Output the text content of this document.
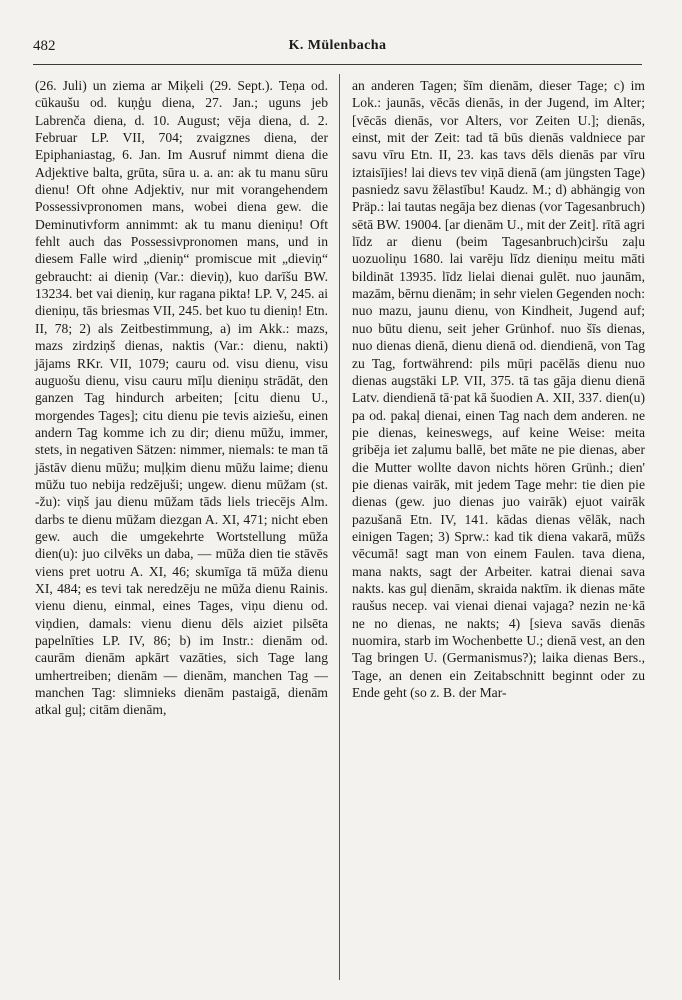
482	K. Mülenbacha

(26. Juli) un ziema ar Miķeli (29. Sept.). Teņa od. cūkaušu od. kuņģu diena, 27. Jan.; uguns jeb Labrenča diena, d. 10. August; vēja diena, d. 2. Februar LP. VII, 704; zvaigznes diena, der Epiphaniastag, 6. Jan. Im Ausruf nimmt diena die Adjektive balta, grūta, sūra u. a. an: ak tu manu sūru dienu! Oft ohne Adjektiv, nur mit vorangehendem Possessivpronomen mans, wobei diena gew. die Deminutivform annimmt: ak tu manu dieniņu! Oft fehlt auch das Possessivpronomen mans, und in diesem Falle wird „dieniņ“ promiscue mit „dieviņ“ gebraucht: ai dieniņ (Var.: dieviņ), kuo darīšu BW. 13234. bet vai dieniņ, kur ragana pikta! LP. V, 245. ai dieniņu, tās briesmas VII, 245. bet kuo tu dieniņ! Etn. II, 78; 2) als Zeitbestimmung, a) im Akk.: mazs, mazs zirdziņš dienas, naktis (Var.: dienu, nakti) jājams RKr. VII, 1079; cauru od. visu dienu, visu auguošu dienu, visu cauru mīļu dieniņu strādāt, den ganzen Tag hindurch arbeiten; [citu dienu U., morgendes Tages]; citu dienu pie tevis aiziešu, einen andern Tag komme ich zu dir; dienu mūžu, immer, stets, in negativen Sätzen: nimmer, niemals: te man tā jāstāv dienu mūžu; muļķim dienu mūžu laime; dienu mūžu tuo nebija redzējuši; ungew. dienu mūžam (st. -žu): viņš jau dienu mūžam tāds liels triecējs Alm. darbs te dienu mūžam diezgan A. XI, 471; nicht eben gew. auch die umgekehrte Wortstellung mūža dien(u): juo cilvēks un daba, — mūža dien tie stāvēs viens pret uotru A. XI, 46; skumīga tā mūža dienu XI, 484; es tevi tak neredzēju ne mūža dienu Rainis. vienu dienu, einmal, eines Tages, viņu dienu od. viņdien, damals: vienu dienu dēls aiziet pilsēta papelnīties LP. IV, 86; b) im Instr.: dienām od. caurām dienām apkārt vazāties, sich Tage lang umhertreiben; dienām — dienām, manchen Tag — manchen Tag: slimnieks dienām pastaigā, dienām atkal guļ; citām dienām,

an anderen Tagen; šīm dienām, dieser Tage; c) im Lok.: jaunās, vēcās dienās, in der Jugend, im Alter; [vēcās dienās, vor Alters, vor Zeiten U.]; dienās, einst, mit der Zeit: tad tā būs dienās valdniece par savu vīru Etn. II, 23. kas tavs dēls dienās par vīru iztaisījies! lai dievs tev viņā dienā (am jüngsten Tage) pasniedz savu žēlastību! Kaudz. M.; d) abhängig von Präp.: lai tautas negāja bez dienas (vor Tagesanbruch) sētā BW. 19004. [ar dienām U., mit der Zeit]. rītā agri līdz ar dienu (beim Tagesanbruch)ciršu zaļu uozuoliņu 1680. lai varēju līdz dieniņu meitu māti bildināt 13935. līdz lielai dienai gulēt. nuo jaunām, mazām, bērnu dienām; in sehr vielen Gegenden noch: nuo mazu, jaunu dienu, von Kindheit, Jugend auf; nuo būtu dienu, seit jeher Grünhof. nuo šīs dienas, nuo dienas dienā, dienu dienā od. diendienā, von Tag zu Tag, fortwährend: pils mūŗi pacēlās dienu nuo dienas augstāki LP. VII, 375. tā tas gāja dienu dienā Latv. diendienā tā·pat kā šuodien A. XII, 337. dien(u) pa od. pakaļ dienai, einen Tag nach dem anderen. ne pie dienas, keineswegs, auf keine Weise: meita gribēja iet zaļumu ballē, bet māte ne pie dienas, aber die Mutter wollte davon nichts hören Grünh.; dien' pie dienas vairāk, mit jedem Tage mehr: tie dien pie dienas (gew. juo dienas juo vairāk) ejuot vairāk pazušanā Etn. IV, 141. kādas dienas vēlāk, nach einigen Tagen; 3) Sprw.: kad tik diena vakarā, mūžs vēcumā! sagt man von einem Faulen. tava diena, mana nakts, sagt der Arbeiter. katrai dienai sava nakts. kas guļ dienām, skraida naktīm. ik dienas māte raušus necep. vai vienai dienai vajaga? nezin ne·kā ne no dienas, ne nakts; 4) [sieva savās dienās nuomira, starb im Wochenbette U.; dienā vest, an den Tag bringen U. (Germanismus?); laika dienas Bers., Tage, an denen ein Zeitabschnitt beginnt oder zu Ende geht (so z. B. der Mar-
